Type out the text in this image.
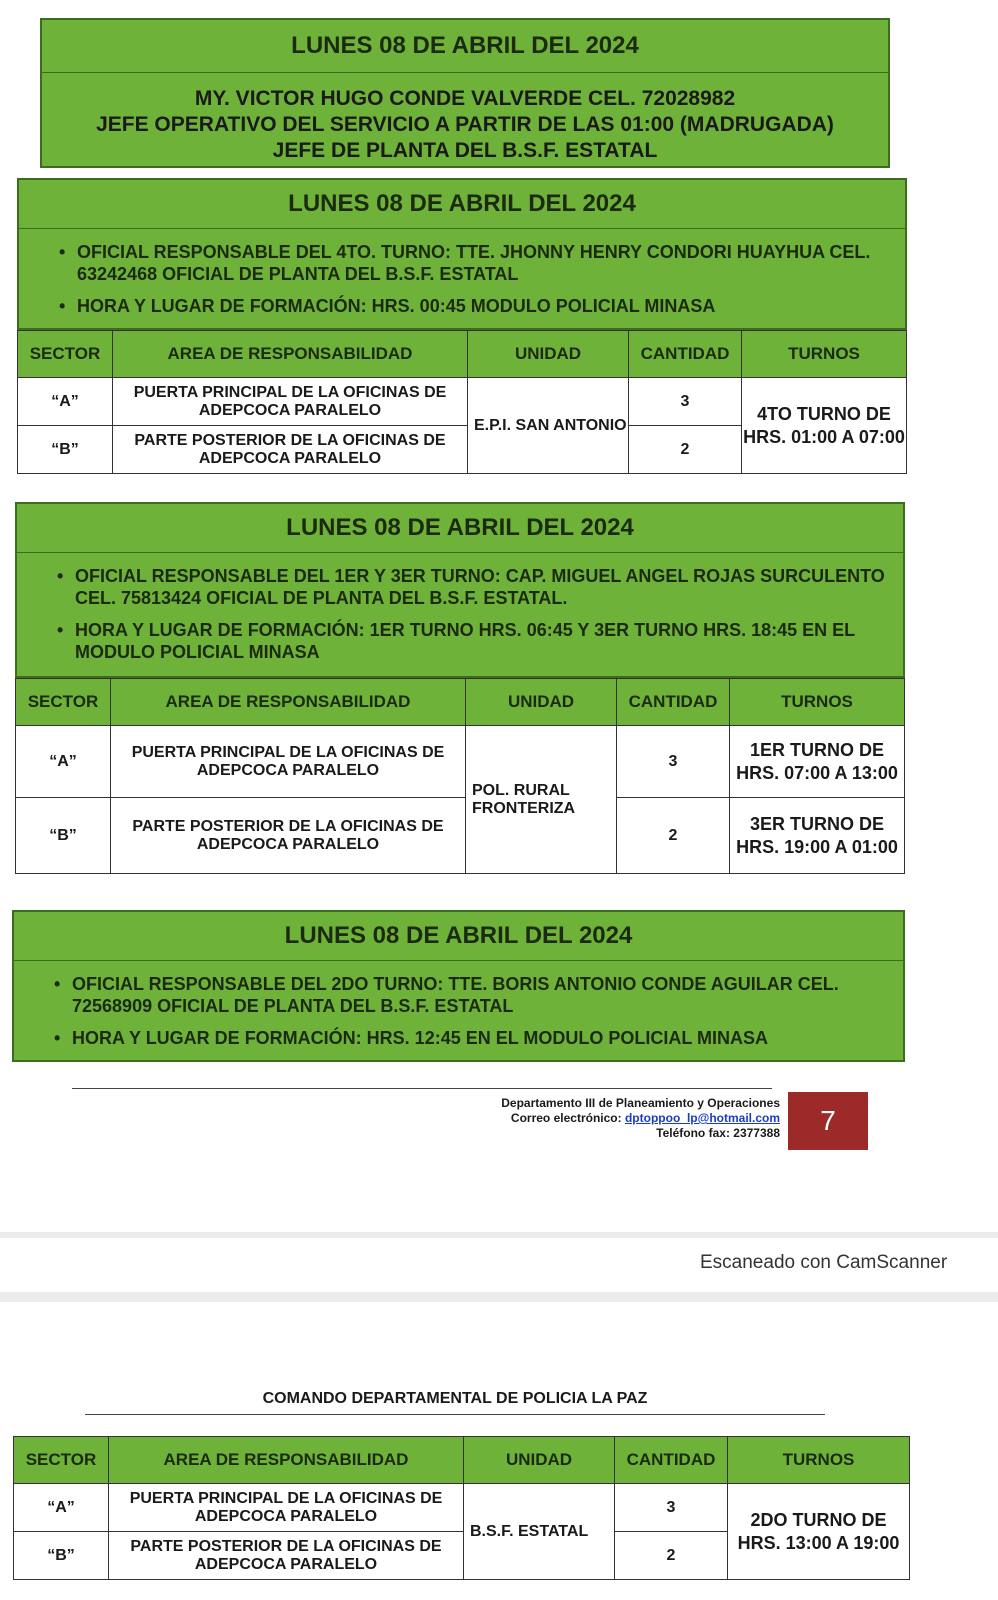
LUNES 08 DE ABRIL DEL 2024
MY. VICTOR HUGO CONDE VALVERDE CEL. 72028982
JEFE OPERATIVO DEL SERVICIO A PARTIR DE LAS 01:00 (MADRUGADA)
JEFE DE PLANTA DEL B.S.F. ESTATAL
LUNES 08 DE ABRIL DEL 2024
• OFICIAL RESPONSABLE DEL 4TO. TURNO: TTE. JHONNY HENRY CONDORI HUAYHUA CEL. 63242468 OFICIAL DE PLANTA DEL B.S.F. ESTATAL
• HORA Y LUGAR DE FORMACIÓN: HRS. 00:45 MODULO POLICIAL MINASA
SECTOR	AREA DE RESPONSABILIDAD	UNIDAD	CANTIDAD	TURNOS
“A”	PUERTA PRINCIPAL DE LA OFICINAS DE ADEPCOCA PARALELO	E.P.I. SAN ANTONIO	3	4TO TURNO DE HRS. 01:00 A 07:00
“B”	PARTE POSTERIOR DE LA OFICINAS DE ADEPCOCA PARALELO		2	
LUNES 08 DE ABRIL DEL 2024
• OFICIAL RESPONSABLE DEL 1ER Y 3ER TURNO: CAP. MIGUEL ANGEL ROJAS SURCULENTO CEL. 75813424 OFICIAL DE PLANTA DEL B.S.F. ESTATAL.
• HORA Y LUGAR DE FORMACIÓN: 1ER TURNO HRS. 06:45 Y 3ER TURNO HRS. 18:45 EN EL MODULO POLICIAL MINASA
SECTOR	AREA DE RESPONSABILIDAD	UNIDAD	CANTIDAD	TURNOS
“A”	PUERTA PRINCIPAL DE LA OFICINAS DE ADEPCOCA PARALELO	POL. RURAL FRONTERIZA	3	1ER TURNO DE HRS. 07:00 A 13:00
“B”	PARTE POSTERIOR DE LA OFICINAS DE ADEPCOCA PARALELO		2	3ER TURNO DE HRS. 19:00 A 01:00
LUNES 08 DE ABRIL DEL 2024
• OFICIAL RESPONSABLE DEL 2DO TURNO: TTE. BORIS ANTONIO CONDE AGUILAR CEL. 72568909 OFICIAL DE PLANTA DEL B.S.F. ESTATAL
• HORA Y LUGAR DE FORMACIÓN: HRS. 12:45 EN EL MODULO POLICIAL MINASA
Departamento III de Planeamiento y Operaciones
Correo electrónico: dptoppoo_lp@hotmail.com
Teléfono fax: 2377388	7
Escaneado con CamScanner
COMANDO DEPARTAMENTAL DE POLICIA LA PAZ
SECTOR	AREA DE RESPONSABILIDAD	UNIDAD	CANTIDAD	TURNOS
“A”	PUERTA PRINCIPAL DE LA OFICINAS DE ADEPCOCA PARALELO	B.S.F. ESTATAL	3	2DO TURNO DE HRS. 13:00 A 19:00
“B”	PARTE POSTERIOR DE LA OFICINAS DE ADEPCOCA PARALELO		2	
